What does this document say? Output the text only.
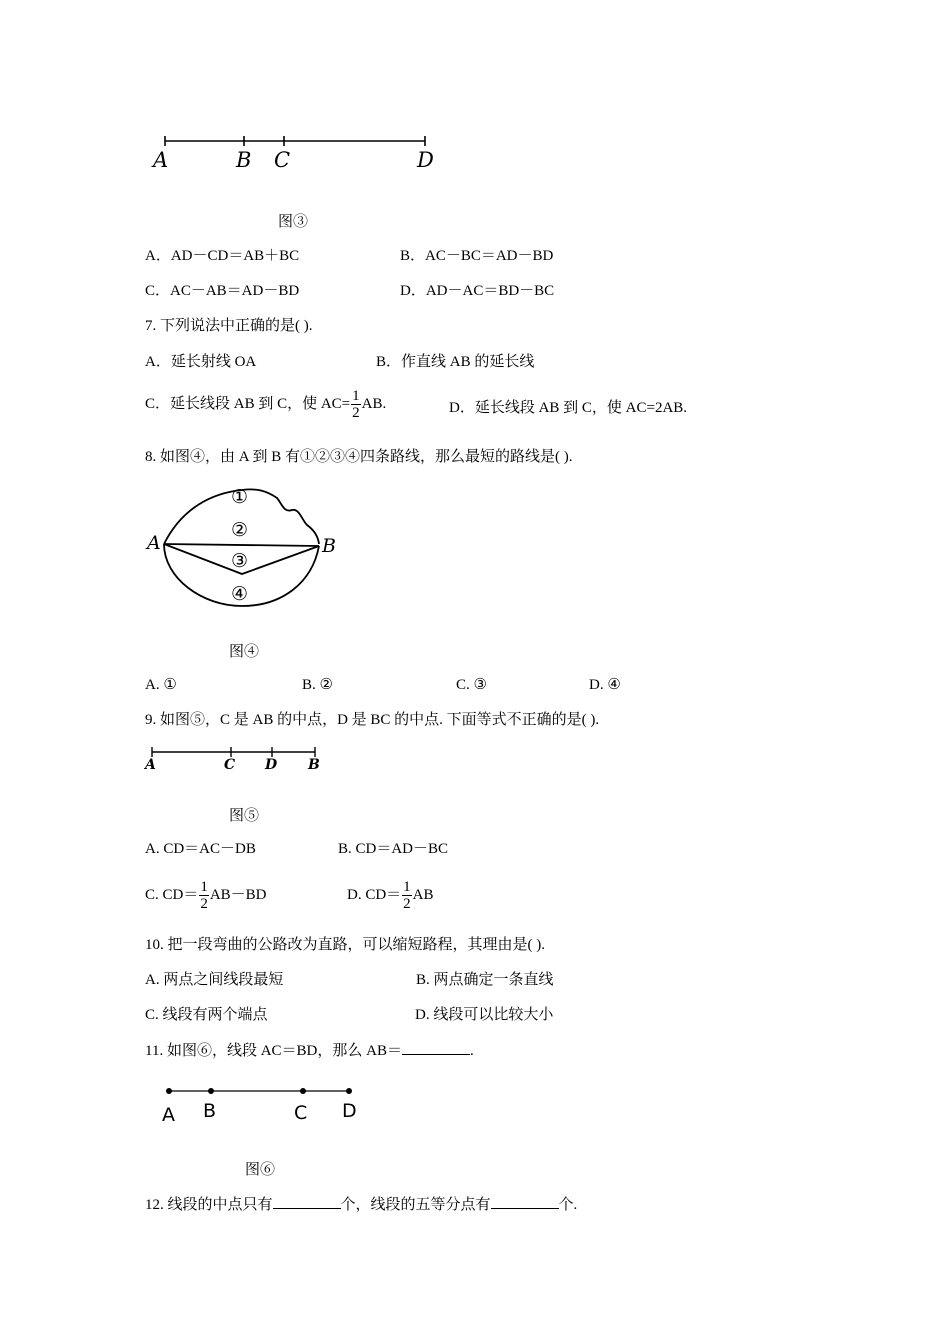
A	B C	D
图③
A．AD－CD＝AB＋BC	B．AC－BC＝AD－BD
C．AC－AB＝AD－BD	D．AD－AC＝BD－BC
7. 下列说法中正确的是( ).
A．延长射线 OA	B．作直线 AB 的延长线
C．延长线段 AB 到 C，使 $AC= \frac{1}{2}$ AB.	D．延长线段 AB 到 C，使 AC=2AB.
8. 如图④，由 A 到 B 有①②③④四条路线，那么最短的路线是( ).
A	B
①
②
③
④
图④
A. ①	B. ②	C. ③	D. ④
9. 如图⑤，C 是 AB 的中点，D 是 BC 的中点. 下面等式不正确的是( ).
A	C D B
图⑤
A. CD＝AC－DB	B. CD＝AD－BC
C. $CD= \frac{1}{2} AB-BD$	D. $CD= \frac{1}{2}$ AB
10. 把一段弯曲的公路改为直路，可以缩短路程，其理由是( ).
A. 两点之间线段最短	B. 两点确定一条直线
C. 线段有两个端点	D. 线段可以比较大小
11. 如图⑥，线段 AC＝BD，那么 AB＝	.
A B	C D
图⑥
12. 线段的中点只有	个，线段的五等分点有	个.
